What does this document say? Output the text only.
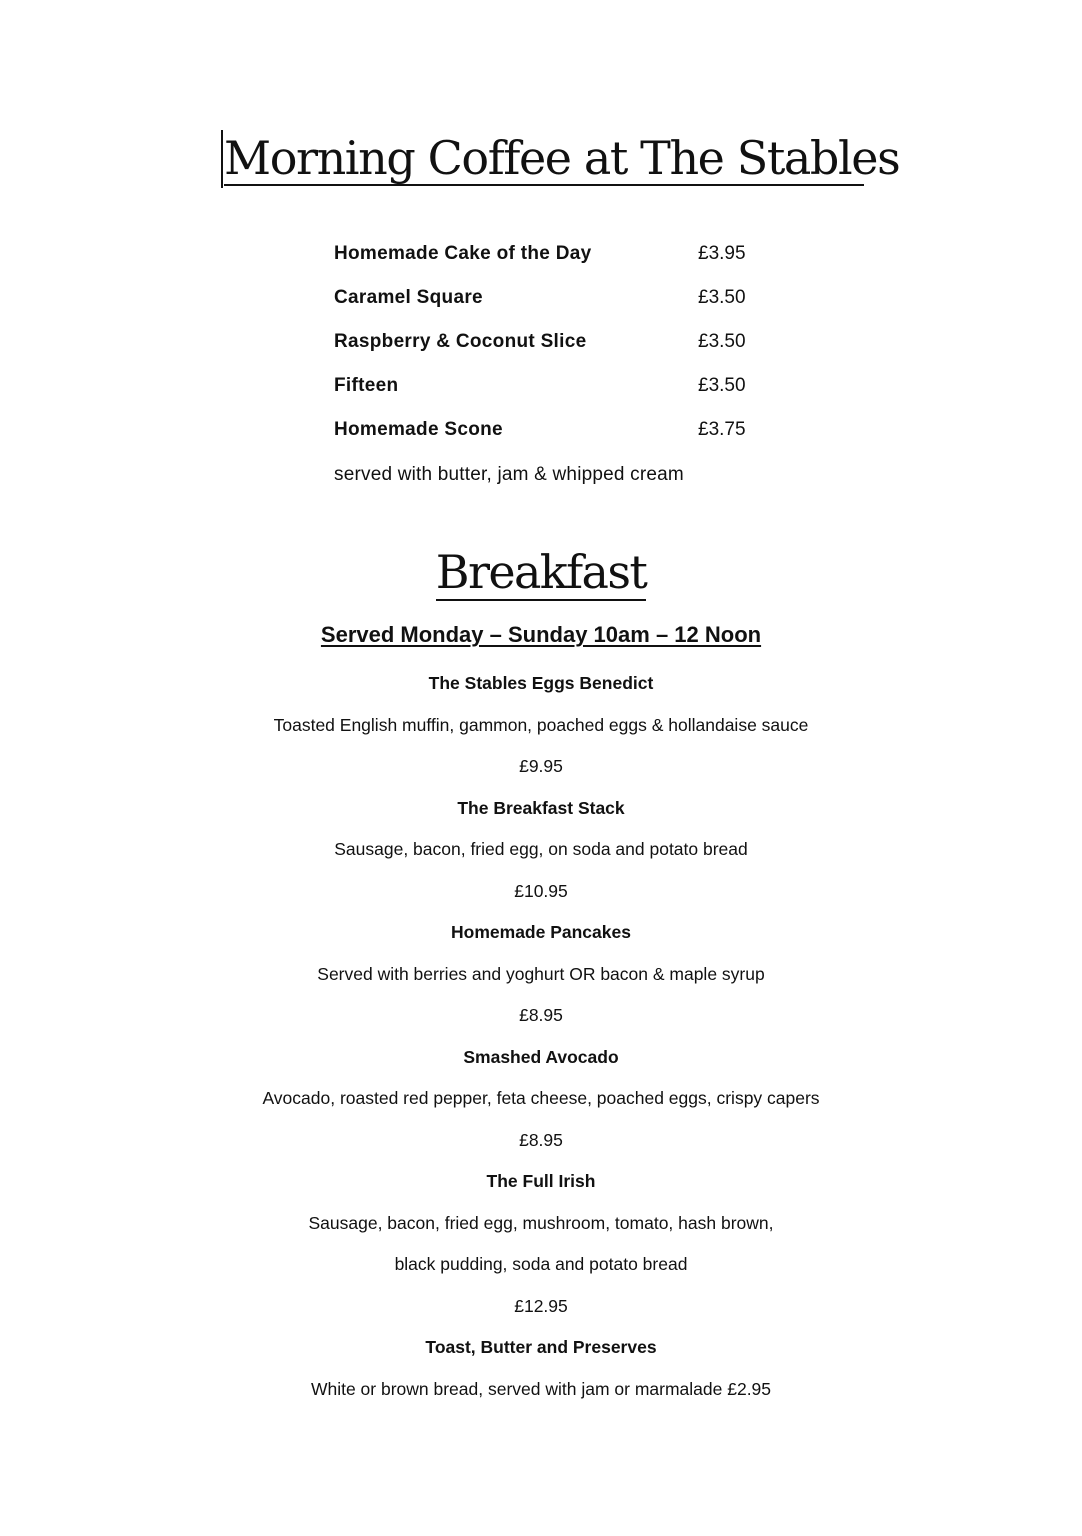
Morning Coffee at The Stables
Homemade Cake of the Day	£3.95
Caramel Square	£3.50
Raspberry & Coconut Slice	£3.50
Fifteen	£3.50
Homemade Scone	£3.75
served with butter, jam & whipped cream
Breakfast
Served Monday – Sunday 10am – 12 Noon
The Stables Eggs Benedict
Toasted English muffin, gammon, poached eggs & hollandaise sauce
£9.95
The Breakfast Stack
Sausage, bacon, fried egg, on soda and potato bread
£10.95
Homemade Pancakes
Served with berries and yoghurt OR bacon & maple syrup
£8.95
Smashed Avocado
Avocado, roasted red pepper, feta cheese, poached eggs, crispy capers
£8.95
The Full Irish
Sausage, bacon, fried egg, mushroom, tomato, hash brown,
black pudding, soda and potato bread
£12.95
Toast, Butter and Preserves
White or brown bread, served with jam or marmalade £2.95
